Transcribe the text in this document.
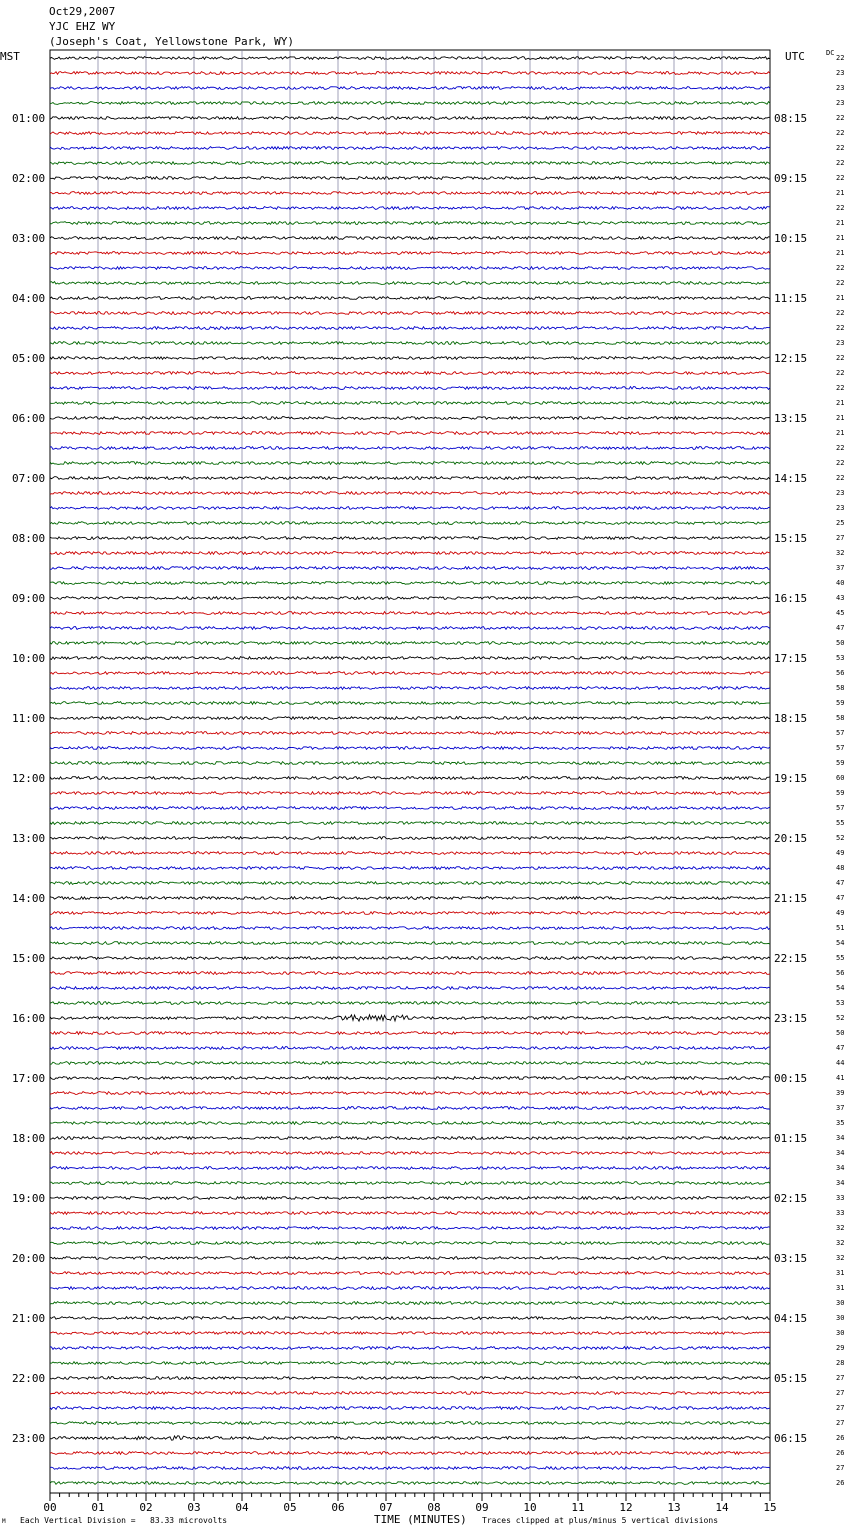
Oct29,2007
YJC EHZ WY
(Joseph's Coat, Yellowstone Park, WY)
MST	UTC	DC
00	01	02	03	04	05	06	07	08	09	10	11	12	13	14	15
01:00
02:00
03:00
04:00
05:00
06:00
07:00
08:00
09:00
10:00
11:00
12:00
13:00
14:00
15:00
16:00
17:00
18:00
19:00
20:00
21:00
22:00
23:00
08:15
09:15
10:15
11:15
12:15
13:15
14:15
15:15
16:15
17:15
18:15
19:15
20:15
21:15
22:15
23:15
00:15
01:15
02:15
03:15
04:15
05:15
06:15
22
23
23
23
22
22
22
22
22
21
22
21
21
21
22
22
21
22
22
23
22
22
22
21
21
21
22
22
22
23
23
25
27
32
37
40
43
45
47
50
53
56
58
59
58
57
57
59
60
59
57
55
52
49
48
47
47
49
51
54
55
56
54
53
52
50
47
44
41
39
37
35
34
34
34
34
33
33
32
32
32
31
31
30
30
30
29
28
27
27
27
27
26
26
27
26
M Each Vertical Division =   83.33 microvolts	TIME (MINUTES) Traces clipped at plus/minus 5 vertical divisions
